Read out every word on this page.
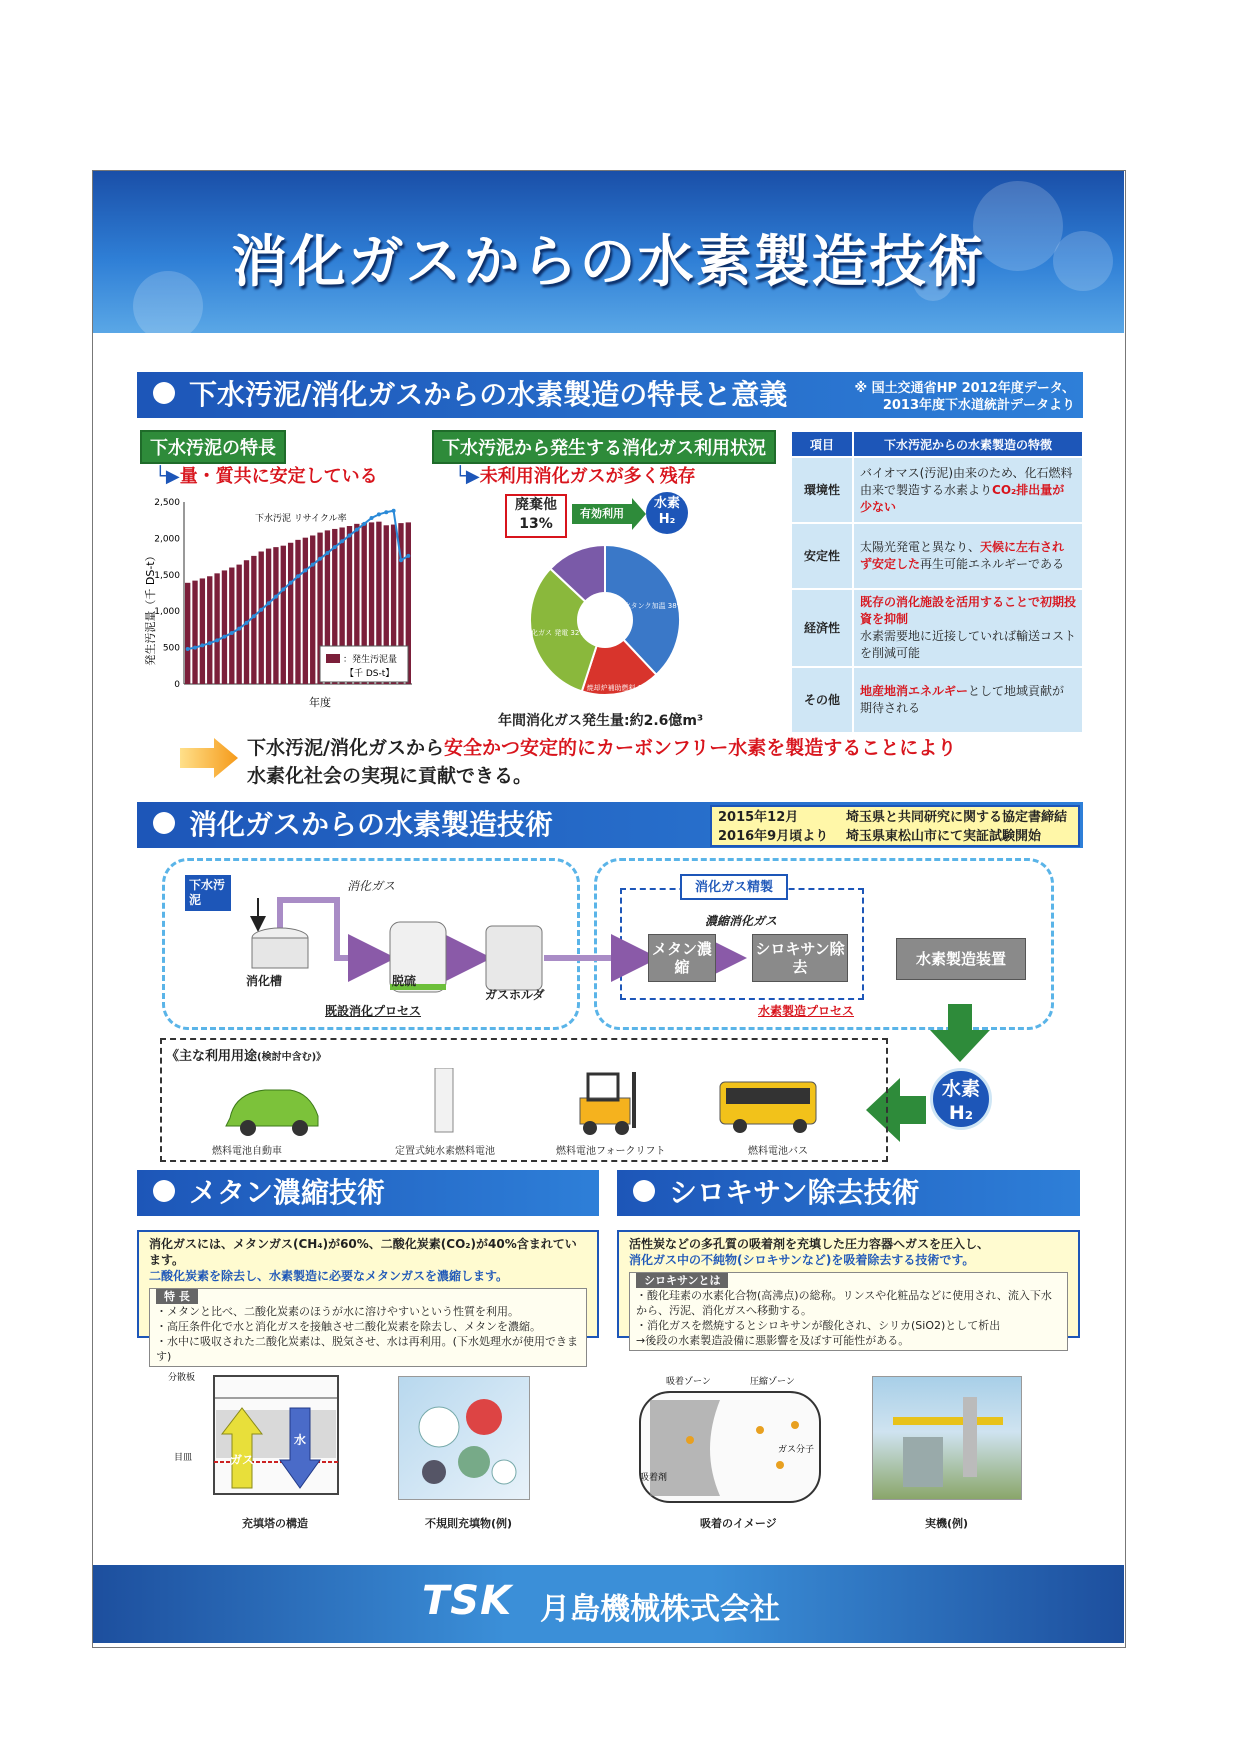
消化ガスからの水素製造技術
下水汚泥/消化ガスからの水素製造の特長と意義	※ 国土交通省HP 2012年度データ、
2013年度下水道統計データより
下水汚泥の特長
└▶量・質共に安定している
0
500
1,000
1,500
2,000
2,500
下水汚泥 リサイクル率
発生汚泥量（千 DS-t）
年度
：発生汚泥量
【千 DS-t】
下水汚泥から発生する消化ガス利用状況
└▶未利用消化ガスが多く残存
廃棄他
13%
有効利用
水素
H₂
消化タンク加温 38%
焼却炉補助燃料 17%
消化ガス 発電 32%
年間消化ガス発生量:約2.6億m³
項目	下水汚泥からの水素製造の特徴
環境性	バイオマス(汚泥)由来のため、化石燃料由来で製造する水素よりCO₂排出量が少ない
安定性	太陽光発電と異なり、天候に左右されず安定した再生可能エネルギーである
経済性	既存の消化施設を活用することで初期投資を抑制
水素需要地に近接していれば輸送コストを削減可能
その他	地産地消エネルギーとして地域貢献が期待される
下水汚泥/消化ガスから安全かつ安定的にカーボンフリー水素を製造することにより
水素化社会の実現に貢献できる。
消化ガスからの水素製造技術	2015年12月	埼玉県と共同研究に関する協定書締結
2016年9月頃より 埼玉県東松山市にて実証試験開始
下水汚泥
消化槽
消化ガス
脱硫
ガスホルダ
既設消化プロセス
消化ガス精製
濃縮消化ガス
メタン濃縮
シロキサン除去	水素製造装置
水素製造プロセス
水素
H₂
《主な利用用途(検討中含む)》
燃料電池自動車	定置式純水素燃料電池	燃料電池フォークリフト	燃料電池バス
メタン濃縮技術
消化ガスには、メタンガス(CH₄)が60%、二酸化炭素(CO₂)が40%含まれています。
二酸化炭素を除去し、水素製造に必要なメタンガスを濃縮します。
特 長
・メタンと比べ、二酸化炭素のほうが水に溶けやすいという性質を利用。
・高圧条件化で水と消化ガスを接触させ二酸化炭素を除去し、メタンを濃縮。
・水中に吸収された二酸化炭素は、脱気させ、水は再利用。(下水処理水が使用できます)
ガス
水
分散板
目皿
充填塔の構造	不規則充填物(例)
シロキサン除去技術
活性炭などの多孔質の吸着剤を充填した圧力容器へガスを圧入し、
消化ガス中の不純物(シロキサンなど)を吸着除去する技術です。
シロキサンとは
・酸化珪素の水素化合物(高沸点)の総称。リンスや化粧品などに使用され、流入下水から、汚泥、消化ガスへ移動する。
・消化ガスを燃焼するとシロキサンが酸化され、シリカ(SiO2)として析出
→後段の水素製造設備に悪影響を及ぼす可能性がある。
吸着ゾーン	圧縮ゾーン
ガス分子
吸着剤
吸着のイメージ	実機(例)
TSK 月島機械株式会社
